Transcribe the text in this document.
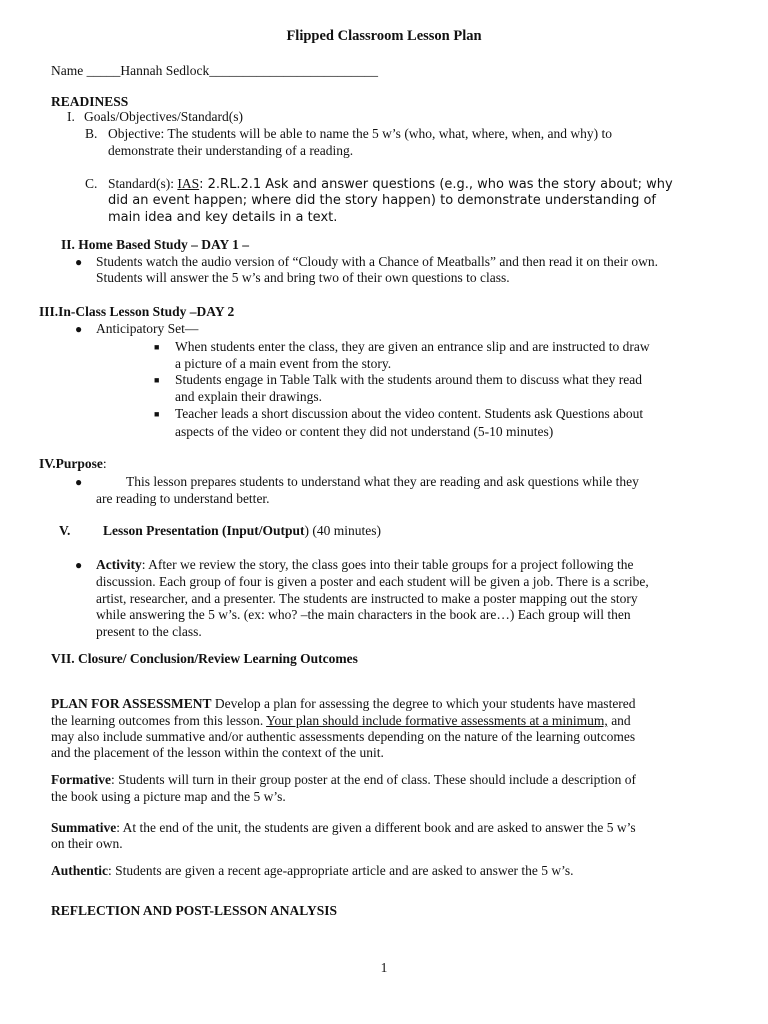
Flipped Classroom Lesson Plan
Name _____Hannah Sedlock_________________________
READINESS
I. Goals/Objectives/Standard(s)
B. Objective: The students will be able to name the 5 w’s (who, what, where, when, and why) to
demonstrate their understanding of a reading.
C. Standard(s): IAS: 2.RL.2.1 Ask and answer questions (e.g., who was the story about; why
did an event happen; where did the story happen) to demonstrate understanding of
main idea and key details in a text.
II. Home Based Study – DAY 1 –
● Students watch the audio version of “Cloudy with a Chance of Meatballs” and then read it on their own.
Students will answer the 5 w’s and bring two of their own questions to class.
III.In-Class Lesson Study –DAY 2
● Anticipatory Set—
■ When students enter the class, they are given an entrance slip and are instructed to draw
a picture of a main event from the story.
■ Students engage in Table Talk with the students around them to discuss what they read
and explain their drawings.
■ Teacher leads a short discussion about the video content. Students ask Questions about
aspects of the video or content they did not understand (5-10 minutes)
IV.Purpose:
●	This lesson prepares students to understand what they are reading and ask questions while they
are reading to understand better.
V. Lesson Presentation (Input/Output) (40 minutes)
● Activity: After we review the story, the class goes into their table groups for a project following the
discussion. Each group of four is given a poster and each student will be given a job. There is a scribe,
artist, researcher, and a presenter. The students are instructed to make a poster mapping out the story
while answering the 5 w’s. (ex: who? –the main characters in the book are…) Each group will then
present to the class.
VII. Closure/ Conclusion/Review Learning Outcomes
PLAN FOR ASSESSMENT Develop a plan for assessing the degree to which your students have mastered
the learning outcomes from this lesson. Your plan should include formative assessments at a minimum, and
may also include summative and/or authentic assessments depending on the nature of the learning outcomes
and the placement of the lesson within the context of the unit.
Formative: Students will turn in their group poster at the end of class. These should include a description of
the book using a picture map and the 5 w’s.
Summative: At the end of the unit, the students are given a different book and are asked to answer the 5 w’s
on their own.
Authentic: Students are given a recent age-appropriate article and are asked to answer the 5 w’s.
REFLECTION AND POST-LESSON ANALYSIS
1
